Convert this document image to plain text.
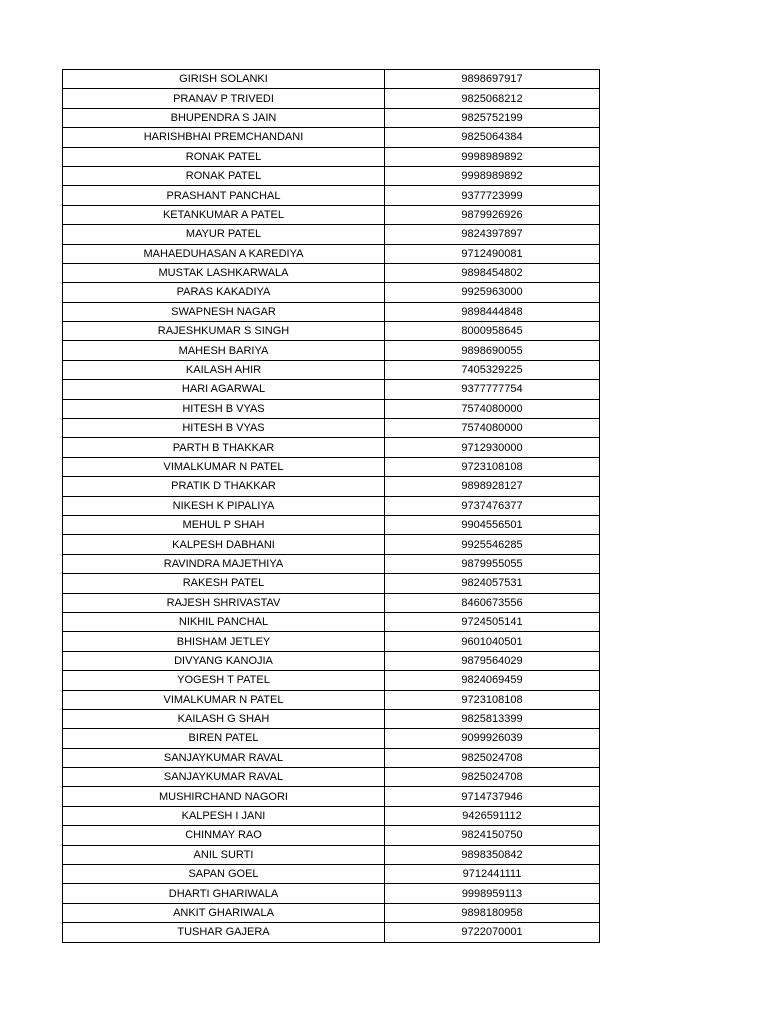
GIRISH SOLANKI	9898697917
PRANAV P TRIVEDI	9825068212
BHUPENDRA S JAIN	9825752199
HARISHBHAI PREMCHANDANI	9825064384
RONAK PATEL	9998989892
RONAK PATEL	9998989892
PRASHANT PANCHAL	9377723999
KETANKUMAR A PATEL	9879926926
MAYUR PATEL	9824397897
MAHAEDUHASAN A KAREDIYA	9712490081
MUSTAK LASHKARWALA	9898454802
PARAS KAKADIYA	9925963000
SWAPNESH NAGAR	9898444848
RAJESHKUMAR S SINGH	8000958645
MAHESH BARIYA	9898690055
KAILASH AHIR	7405329225
HARI AGARWAL	9377777754
HITESH B VYAS	7574080000
HITESH B VYAS	7574080000
PARTH B THAKKAR	9712930000
VIMALKUMAR N PATEL	9723108108
PRATIK D THAKKAR	9898928127
NIKESH K PIPALIYA	9737476377
MEHUL P SHAH	9904556501
KALPESH DABHANI	9925546285
RAVINDRA MAJETHIYA	9879955055
RAKESH PATEL	9824057531
RAJESH SHRIVASTAV	8460673556
NIKHIL PANCHAL	9724505141
BHISHAM JETLEY	9601040501
DIVYANG KANOJIA	9879564029
YOGESH T PATEL	9824069459
VIMALKUMAR N PATEL	9723108108
KAILASH G SHAH	9825813399
BIREN PATEL	9099926039
SANJAYKUMAR RAVAL	9825024708
SANJAYKUMAR RAVAL	9825024708
MUSHIRCHAND NAGORI	9714737946
KALPESH I JANI	9426591112
CHINMAY RAO	9824150750
ANIL SURTI	9898350842
SAPAN GOEL	9712441111
DHARTI GHARIWALA	9998959113
ANKIT GHARIWALA	9898180958
TUSHAR GAJERA	9722070001
